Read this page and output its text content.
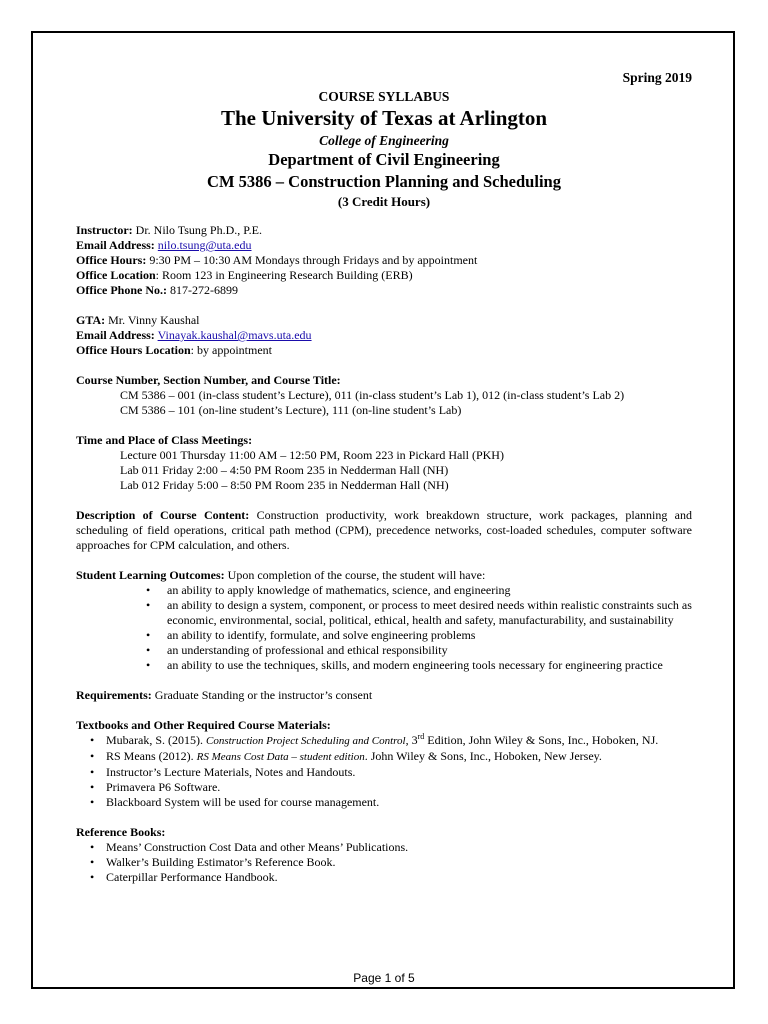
Spring 2019
COURSE SYLLABUS
The University of Texas at Arlington
College of Engineering
Department of Civil Engineering
CM 5386 – Construction Planning and Scheduling
(3 Credit Hours)
Instructor: Dr. Nilo Tsung Ph.D., P.E.
Email Address: nilo.tsung@uta.edu
Office Hours: 9:30 PM – 10:30 AM Mondays through Fridays and by appointment
Office Location: Room 123 in Engineering Research Building (ERB)
Office Phone No.: 817-272-6899
GTA: Mr. Vinny Kaushal
Email Address: Vinayak.kaushal@mavs.uta.edu
Office Hours Location: by appointment
Course Number, Section Number, and Course Title:
CM 5386 – 001 (in-class student’s Lecture), 011 (in-class student’s Lab 1), 012 (in-class student’s Lab 2)
CM 5386 – 101 (on-line student’s Lecture), 111 (on-line student’s Lab)
Time and Place of Class Meetings:
Lecture 001 Thursday 11:00 AM – 12:50 PM, Room 223 in Pickard Hall (PKH)
Lab 011 Friday 2:00 – 4:50 PM Room 235 in Nedderman Hall (NH)
Lab 012 Friday 5:00 – 8:50 PM Room 235 in Nedderman Hall (NH)
Description of Course Content: Construction productivity, work breakdown structure, work packages, planning and scheduling of field operations, critical path method (CPM), precedence networks, cost-loaded schedules, computer software approaches for CPM calculation, and others.
Student Learning Outcomes: Upon completion of the course, the student will have:
• an ability to apply knowledge of mathematics, science, and engineering
• an ability to design a system, component, or process to meet desired needs within realistic constraints such as economic, environmental, social, political, ethical, health and safety, manufacturability, and sustainability
• an ability to identify, formulate, and solve engineering problems
• an understanding of professional and ethical responsibility
• an ability to use the techniques, skills, and modern engineering tools necessary for engineering practice
Requirements: Graduate Standing or the instructor’s consent
Textbooks and Other Required Course Materials:
• Mubarak, S. (2015). Construction Project Scheduling and Control, 3rd Edition, John Wiley & Sons, Inc., Hoboken, NJ.
• RS Means (2012). RS Means Cost Data – student edition. John Wiley & Sons, Inc., Hoboken, New Jersey.
• Instructor’s Lecture Materials, Notes and Handouts.
• Primavera P6 Software.
• Blackboard System will be used for course management.
Reference Books:
• Means’ Construction Cost Data and other Means’ Publications.
• Walker’s Building Estimator’s Reference Book.
• Caterpillar Performance Handbook.
Page 1 of 5
